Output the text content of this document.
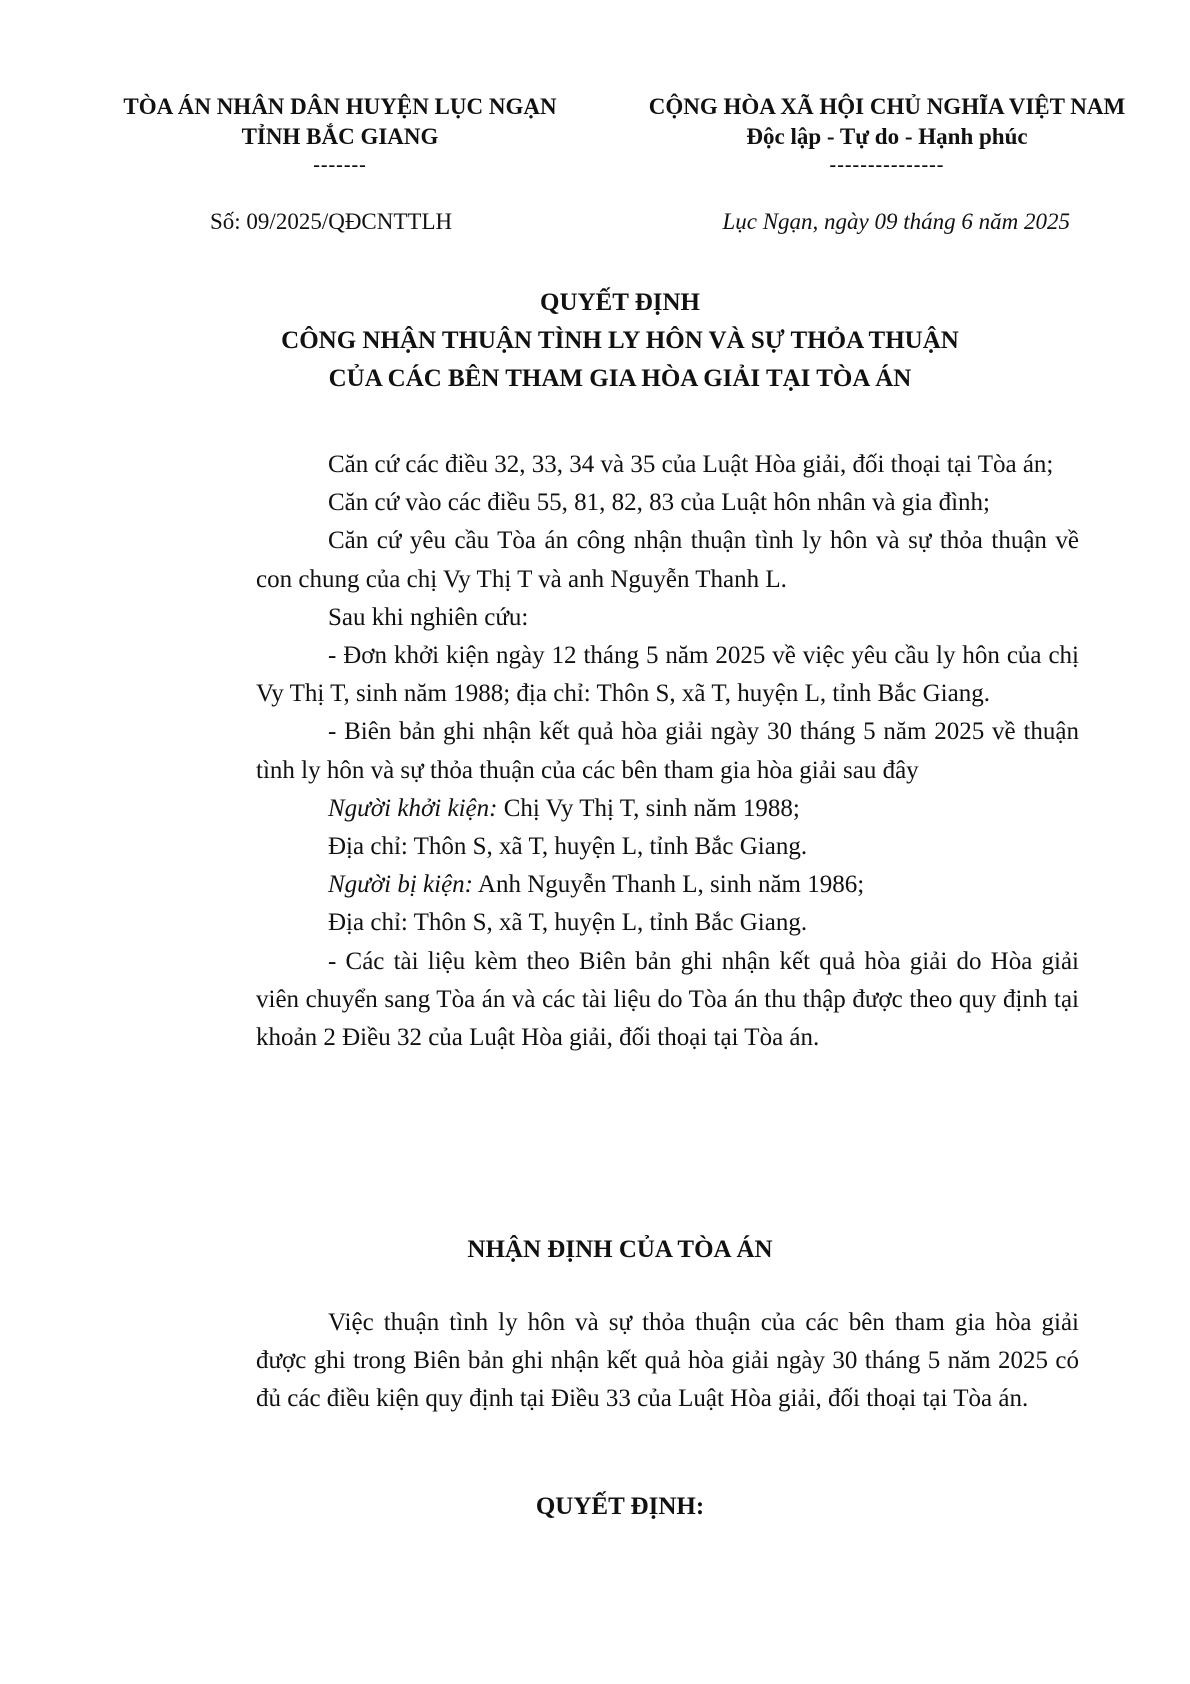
TÒA ÁN NHÂN DÂN HUYỆN LỤC NGẠN
TỈNH BẮC GIANG
-------
CỘNG HÒA XÃ HỘI CHỦ NGHĨA VIỆT NAM
Độc lập - Tự do - Hạnh phúc
---------------
Số: 09/2025/QĐCNTTLH	Lục Ngạn, ngày 09 tháng 6 năm 2025
QUYẾT ĐỊNH
CÔNG NHẬN THUẬN TÌNH LY HÔN VÀ SỰ THỎA THUẬN
CỦA CÁC BÊN THAM GIA HÒA GIẢI TẠI TÒA ÁN

Căn cứ các điều 32, 33, 34 và 35 của Luật Hòa giải, đối thoại tại Tòa án;

Căn cứ vào các điều 55, 81, 82, 83 của Luật hôn nhân và gia đình;

Căn cứ yêu cầu Tòa án công nhận thuận tình ly hôn và sự thỏa thuận về con chung của chị Vy Thị T và anh Nguyễn Thanh L.

Sau khi nghiên cứu:

- Đơn khởi kiện ngày 12 tháng 5 năm 2025 về việc yêu cầu ly hôn của chị Vy Thị T, sinh năm 1988; địa chỉ: Thôn S, xã T, huyện L, tỉnh Bắc Giang.

- Biên bản ghi nhận kết quả hòa giải ngày 30 tháng 5 năm 2025 về thuận tình ly hôn và sự thỏa thuận của các bên tham gia hòa giải sau đây

Người khởi kiện: Chị Vy Thị T, sinh năm 1988;

Địa chỉ: Thôn S, xã T, huyện L, tỉnh Bắc Giang.

Người bị kiện: Anh Nguyễn Thanh L, sinh năm 1986;

Địa chỉ: Thôn S, xã T, huyện L, tỉnh Bắc Giang.

- Các tài liệu kèm theo Biên bản ghi nhận kết quả hòa giải do Hòa giải viên chuyển sang Tòa án và các tài liệu do Tòa án thu thập được theo quy định tại khoản 2 Điều 32 của Luật Hòa giải, đối thoại tại Tòa án.

NHẬN ĐỊNH CỦA TÒA ÁN

Việc thuận tình ly hôn và sự thỏa thuận của các bên tham gia hòa giải được ghi trong Biên bản ghi nhận kết quả hòa giải ngày 30 tháng 5 năm 2025 có đủ các điều kiện quy định tại Điều 33 của Luật Hòa giải, đối thoại tại Tòa án.

QUYẾT ĐỊNH:
